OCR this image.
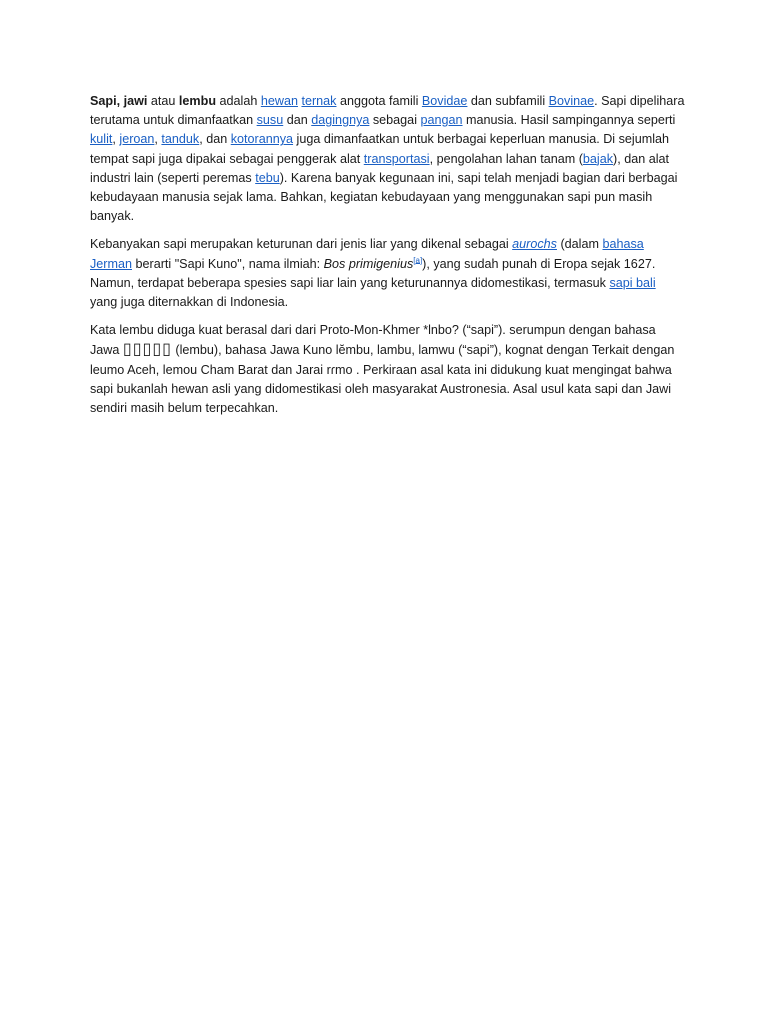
Sapi, jawi atau lembu adalah hewan ternak anggota famili Bovidae dan subfamili Bovinae. Sapi dipelihara terutama untuk dimanfaatkan susu dan dagingnya sebagai pangan manusia. Hasil sampingannya seperti kulit, jeroan, tanduk, dan kotorannya juga dimanfaatkan untuk berbagai keperluan manusia. Di sejumlah tempat sapi juga dipakai sebagai penggerak alat transportasi, pengolahan lahan tanam (bajak), dan alat industri lain (seperti peremas tebu). Karena banyak kegunaan ini, sapi telah menjadi bagian dari berbagai kebudayaan manusia sejak lama. Bahkan, kegiatan kebudayaan yang menggunakan sapi pun masih banyak.

Kebanyakan sapi merupakan keturunan dari jenis liar yang dikenal sebagai aurochs (dalam bahasa Jerman berarti "Sapi Kuno", nama ilmiah: Bos primigenius[a]), yang sudah punah di Eropa sejak 1627. Namun, terdapat beberapa spesies sapi liar lain yang keturunannya didomestikasi, termasuk sapi bali yang juga diternakkan di Indonesia.

Kata lembu diduga kuat berasal dari dari Proto-Mon-Khmer *lnbo? (“sapi”). serumpun dengan bahasa Jawa ▯▯▯▯▯ (lembu), bahasa Jawa Kuno lĕmbu, lambu, lamwu (“sapi”), kognat dengan Terkait dengan leumo Aceh, lemou Cham Barat dan Jarai rɾmo . Perkiraan asal kata ini didukung kuat mengingat bahwa sapi bukanlah hewan asli yang didomestikasi oleh masyarakat Austronesia. Asal usul kata sapi dan Jawi sendiri masih belum terpecahkan.
